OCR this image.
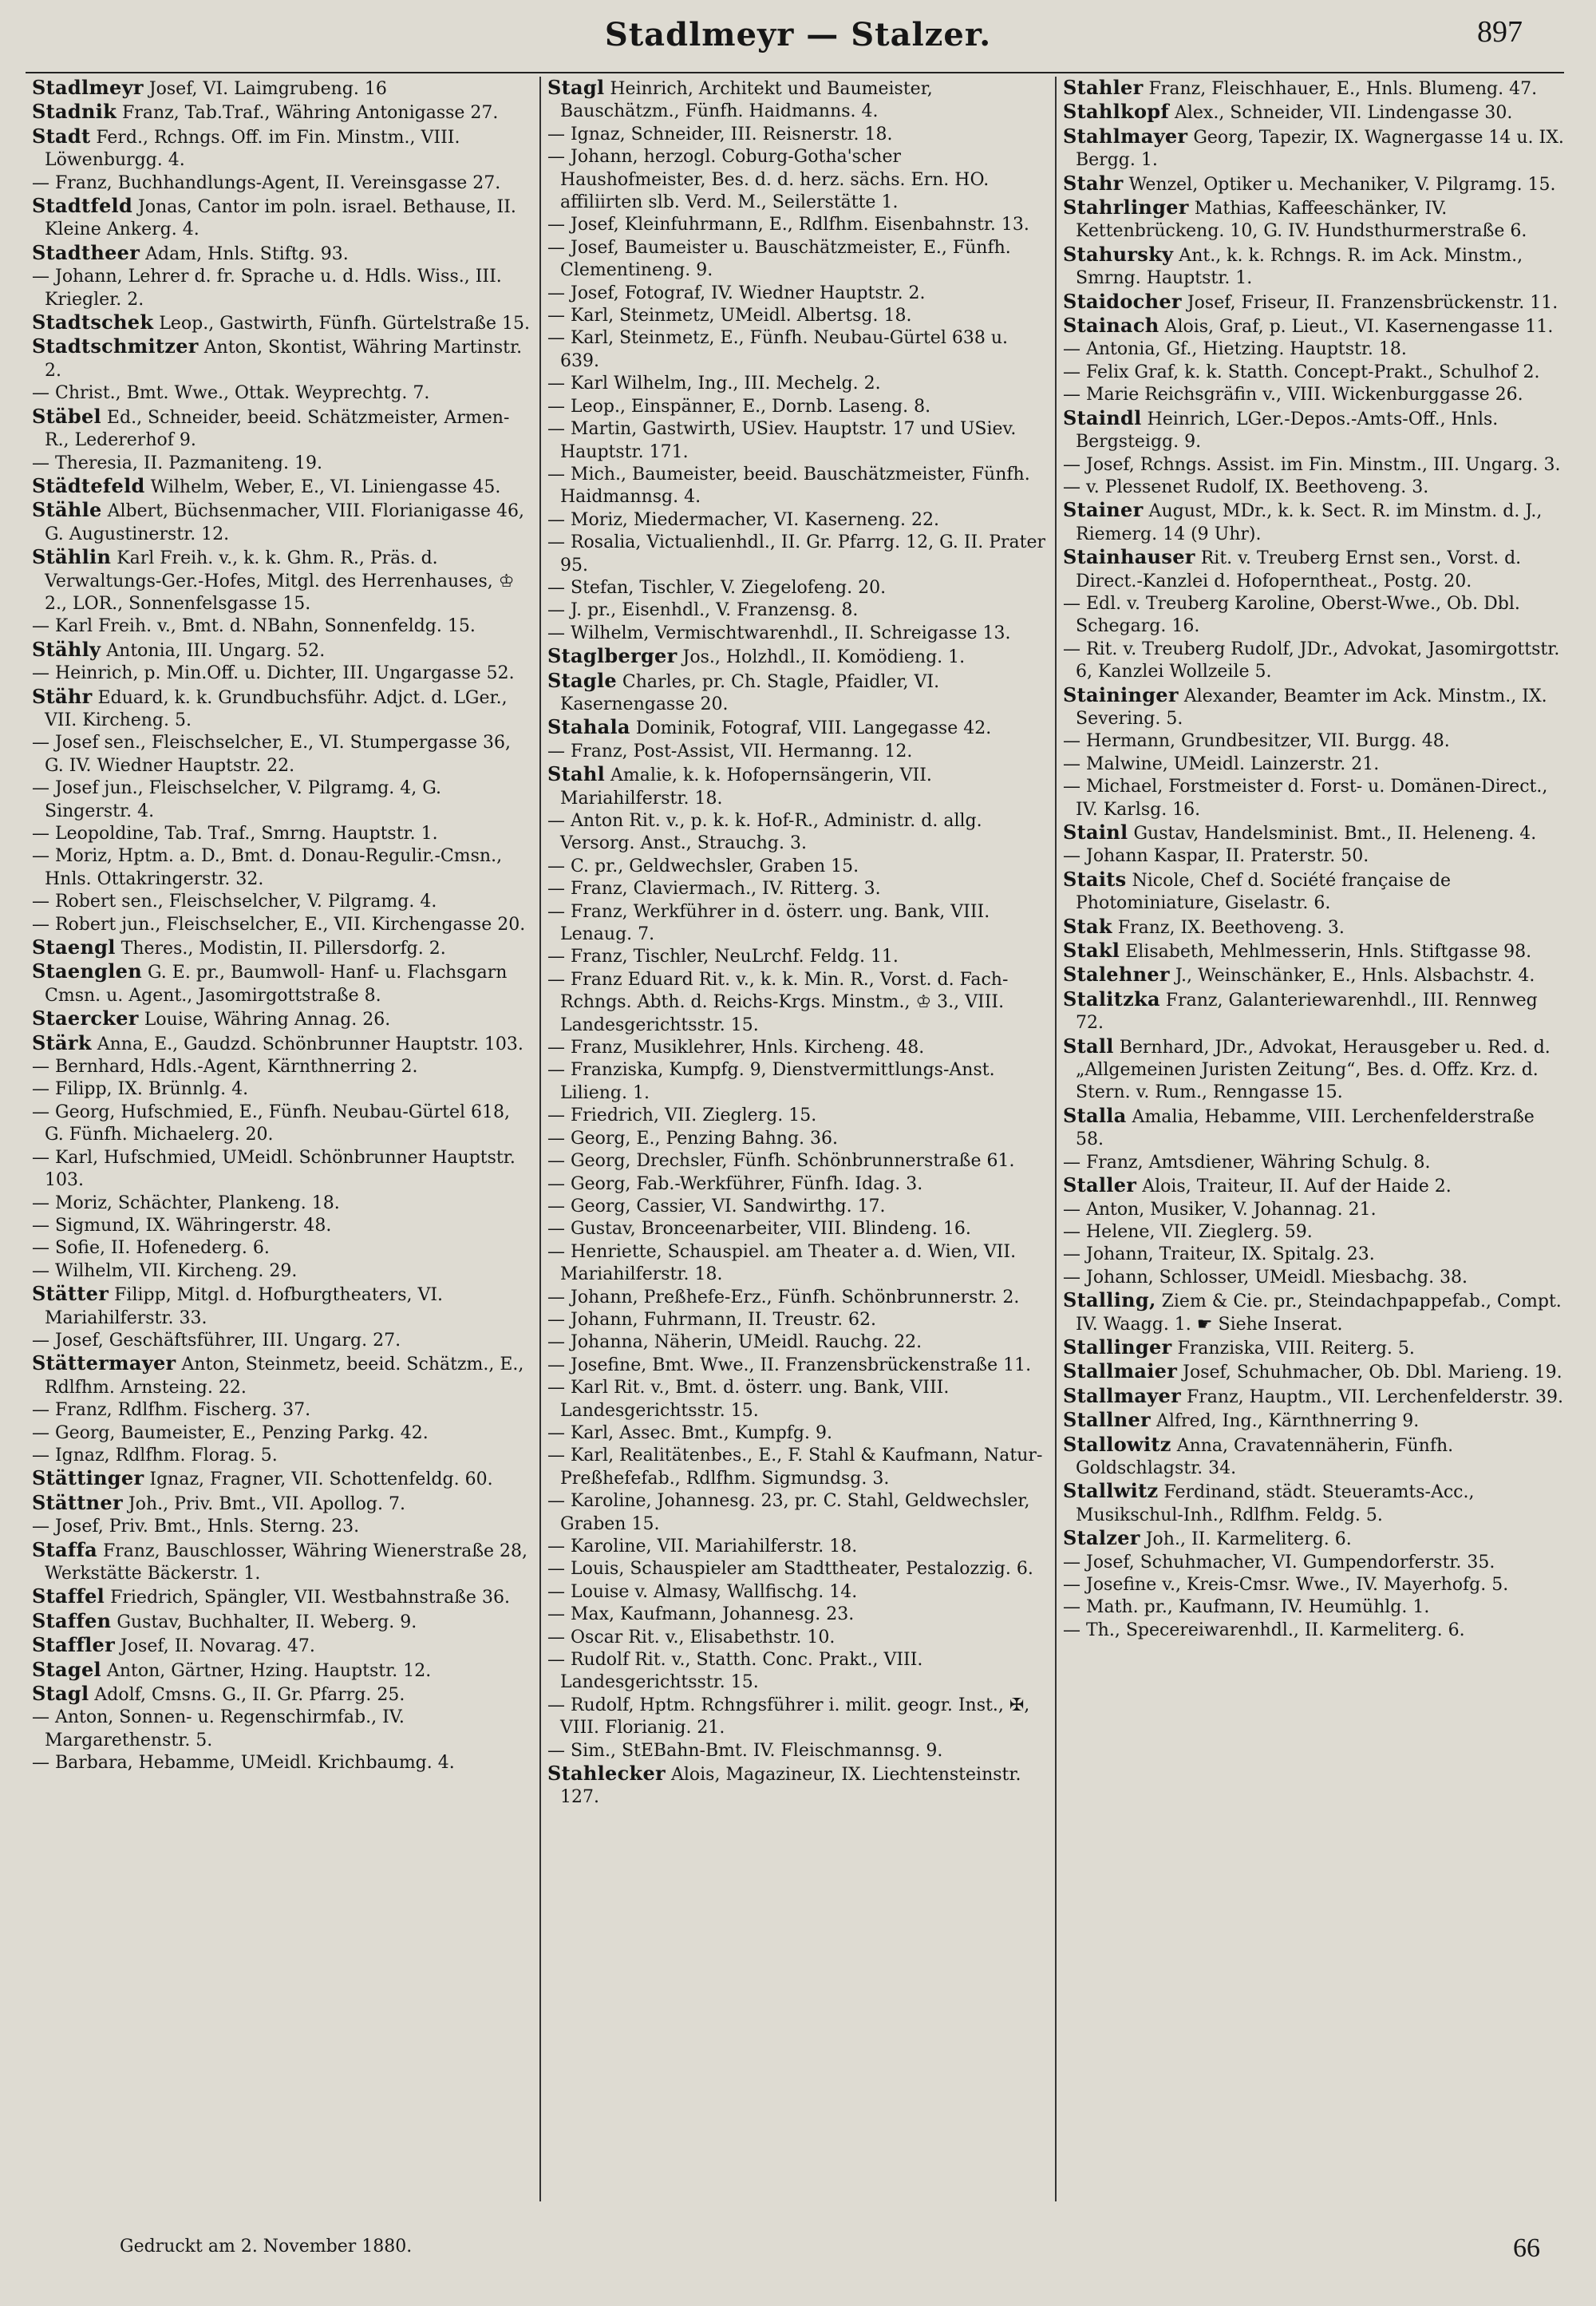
Stadlmeyr — Stalzer.	897
Stadlmeyr Josef, VI. Laimgrubeng. 16
Stadnik Franz, Tab.Traf., Währing Antonigasse 27.
Stadt Ferd., Rchngs. Off. im Fin. Minstm., VIII. Löwenburgg. 4.
— Franz, Buchhandlungs-Agent, II. Vereinsgasse 27.
Stadtfeld Jonas, Cantor im poln. israel. Bethause, II. Kleine Ankerg. 4.
Stadtheer Adam, Hnls. Stiftg. 93.
— Johann, Lehrer d. fr. Sprache u. d. Hdls. Wiss., III. Kriegler. 2.
Stadtschek Leop., Gastwirth, Fünfh. Gürtelstraße 15.
Stadtschmitzer Anton, Skontist, Währing Martinstr. 2.
— Christ., Bmt. Wwe., Ottak. Weyprechtg. 7.
Stäbel Ed., Schneider, beeid. Schätzmeister, Armen-R., Ledererhof 9.
— Theresia, II. Pazmaniteng. 19.
Städtefeld Wilhelm, Weber, E., VI. Liniengasse 45.
Stähle Albert, Büchsenmacher, VIII. Florianigasse 46, G. Augustinerstr. 12.
Stählin Karl Freih. v., k. k. Ghm. R., Präs. d. Verwaltungs-Ger.-Hofes, Mitgl. des Herrenhauses, ♔ 2., LOR., Sonnenfelsgasse 15.
— Karl Freih. v., Bmt. d. NBahn, Sonnenfeldg. 15.
Stähly Antonia, III. Ungarg. 52.
— Heinrich, p. Min.Off. u. Dichter, III. Ungargasse 52.
Stähr Eduard, k. k. Grundbuchsführ. Adjct. d. LGer., VII. Kircheng. 5.
— Josef sen., Fleischselcher, E., VI. Stumpergasse 36, G. IV. Wiedner Hauptstr. 22.
— Josef jun., Fleischselcher, V. Pilgramg. 4, G. Singerstr. 4.
— Leopoldine, Tab. Traf., Smrng. Hauptstr. 1.
— Moriz, Hptm. a. D., Bmt. d. Donau-Regulir.-Cmsn., Hnls. Ottakringerstr. 32.
— Robert sen., Fleischselcher, V. Pilgramg. 4.
— Robert jun., Fleischselcher, E., VII. Kirchengasse 20.
Staengl Theres., Modistin, II. Pillersdorfg. 2.
Staenglen G. E. pr., Baumwoll- Hanf- u. Flachsgarn Cmsn. u. Agent., Jasomirgottstraße 8.
Staercker Louise, Währing Annag. 26.
Stärk Anna, E., Gaudzd. Schönbrunner Hauptstr. 103.
— Bernhard, Hdls.-Agent, Kärnthnerring 2.
— Filipp, IX. Brünnlg. 4.
— Georg, Hufschmied, E., Fünfh. Neubau-Gürtel 618, G. Fünfh. Michaelerg. 20.
— Karl, Hufschmied, UMeidl. Schönbrunner Hauptstr. 103.
— Moriz, Schächter, Plankeng. 18.
— Sigmund, IX. Währingerstr. 48.
— Sofie, II. Hofenederg. 6.
— Wilhelm, VII. Kircheng. 29.
Stätter Filipp, Mitgl. d. Hofburgtheaters, VI. Mariahilferstr. 33.
— Josef, Geschäftsführer, III. Ungarg. 27.
Stättermayer Anton, Steinmetz, beeid. Schätzm., E., Rdlfhm. Arnsteing. 22.
— Franz, Rdlfhm. Fischerg. 37.
— Georg, Baumeister, E., Penzing Parkg. 42.
— Ignaz, Rdlfhm. Florag. 5.
Stättinger Ignaz, Fragner, VII. Schottenfeldg. 60.
Stättner Joh., Priv. Bmt., VII. Apollog. 7.
— Josef, Priv. Bmt., Hnls. Sterng. 23.
Staffa Franz, Bauschlosser, Währing Wienerstraße 28, Werkstätte Bäckerstr. 1.
Staffel Friedrich, Spängler, VII. Westbahnstraße 36.
Staffen Gustav, Buchhalter, II. Weberg. 9.
Staffler Josef, II. Novarag. 47.
Stagel Anton, Gärtner, Hzing. Hauptstr. 12.
Stagl Adolf, Cmsns. G., II. Gr. Pfarrg. 25.
— Anton, Sonnen- u. Regenschirmfab., IV. Margarethenstr. 5.
— Barbara, Hebamme, UMeidl. Krichbaumg. 4.
Stagl Heinrich, Architekt und Baumeister, Bauschätzm., Fünfh. Haidmanns. 4.
— Ignaz, Schneider, III. Reisnerstr. 18.
— Johann, herzogl. Coburg-Gotha'scher Haushofmeister, Bes. d. d. herz. sächs. Ern. HO. affiliirten slb. Verd. M., Seilerstätte 1.
— Josef, Kleinfuhrmann, E., Rdlfhm. Eisenbahnstr. 13.
— Josef, Baumeister u. Bauschätzmeister, E., Fünfh. Clementineng. 9.
— Josef, Fotograf, IV. Wiedner Hauptstr. 2.
— Karl, Steinmetz, UMeidl. Albertsg. 18.
— Karl, Steinmetz, E., Fünfh. Neubau-Gürtel 638 u. 639.
— Karl Wilhelm, Ing., III. Mechelg. 2.
— Leop., Einspänner, E., Dornb. Laseng. 8.
— Martin, Gastwirth, USiev. Hauptstr. 17 und USiev. Hauptstr. 171.
— Mich., Baumeister, beeid. Bauschätzmeister, Fünfh. Haidmannsg. 4.
— Moriz, Miedermacher, VI. Kaserneng. 22.
— Rosalia, Victualienhdl., II. Gr. Pfarrg. 12, G. II. Prater 95.
— Stefan, Tischler, V. Ziegelofeng. 20.
— J. pr., Eisenhdl., V. Franzensg. 8.
— Wilhelm, Vermischtwarenhdl., II. Schreigasse 13.
Staglberger Jos., Holzhdl., II. Komödieng. 1.
Stagle Charles, pr. Ch. Stagle, Pfaidler, VI. Kasernengasse 20.
Stahala Dominik, Fotograf, VIII. Langegasse 42.
— Franz, Post-Assist, VII. Hermanng. 12.
Stahl Amalie, k. k. Hofopernsängerin, VII. Mariahilferstr. 18.
— Anton Rit. v., p. k. k. Hof-R., Administr. d. allg. Versorg. Anst., Strauchg. 3.
— C. pr., Geldwechsler, Graben 15.
— Franz, Claviermach., IV. Ritterg. 3.
— Franz, Werkführer in d. österr. ung. Bank, VIII. Lenaug. 7.
— Franz, Tischler, NeuLrchf. Feldg. 11.
— Franz Eduard Rit. v., k. k. Min. R., Vorst. d. Fach-Rchngs. Abth. d. Reichs-Krgs. Minstm., ♔ 3., VIII. Landesgerichtsstr. 15.
— Franz, Musiklehrer, Hnls. Kircheng. 48.
— Franziska, Kumpfg. 9, Dienstvermittlungs-Anst. Lilieng. 1.
— Friedrich, VII. Zieglerg. 15.
— Georg, E., Penzing Bahng. 36.
— Georg, Drechsler, Fünfh. Schönbrunnerstraße 61.
— Georg, Fab.-Werkführer, Fünfh. Idag. 3.
— Georg, Cassier, VI. Sandwirthg. 17.
— Gustav, Bronceenarbeiter, VIII. Blindeng. 16.
— Henriette, Schauspiel. am Theater a. d. Wien, VII. Mariahilferstr. 18.
— Johann, Preßhefe-Erz., Fünfh. Schönbrunnerstr. 2.
— Johann, Fuhrmann, II. Treustr. 62.
— Johanna, Näherin, UMeidl. Rauchg. 22.
— Josefine, Bmt. Wwe., II. Franzensbrückenstraße 11.
— Karl Rit. v., Bmt. d. österr. ung. Bank, VIII. Landesgerichtsstr. 15.
— Karl, Assec. Bmt., Kumpfg. 9.
— Karl, Realitätenbes., E., F. Stahl & Kaufmann, Natur-Preßhefefab., Rdlfhm. Sigmundsg. 3.
— Karoline, Johannesg. 23, pr. C. Stahl, Geldwechsler, Graben 15.
— Karoline, VII. Mariahilferstr. 18.
— Louis, Schauspieler am Stadttheater, Pestalozzig. 6.
— Louise v. Almasy, Wallfischg. 14.
— Max, Kaufmann, Johannesg. 23.
— Oscar Rit. v., Elisabethstr. 10.
— Rudolf Rit. v., Statth. Conc. Prakt., VIII. Landesgerichtsstr. 15.
— Rudolf, Hptm. Rchngsführer i. milit. geogr. Inst., ✠, VIII. Florianig. 21.
— Sim., StEBahn-Bmt. IV. Fleischmannsg. 9.
Stahlecker Alois, Magazineur, IX. Liechtensteinstr. 127.
Stahler Franz, Fleischhauer, E., Hnls. Blumeng. 47.
Stahlkopf Alex., Schneider, VII. Lindengasse 30.
Stahlmayer Georg, Tapezir, IX. Wagnergasse 14 u. IX. Bergg. 1.
Stahr Wenzel, Optiker u. Mechaniker, V. Pilgramg. 15.
Stahrlinger Mathias, Kaffeeschänker, IV. Kettenbrückeng. 10, G. IV. Hundsthurmerstraße 6.
Stahursky Ant., k. k. Rchngs. R. im Ack. Minstm., Smrng. Hauptstr. 1.
Staidocher Josef, Friseur, II. Franzensbrückenstr. 11.
Stainach Alois, Graf, p. Lieut., VI. Kasernengasse 11.
— Antonia, Gf., Hietzing. Hauptstr. 18.
— Felix Graf, k. k. Statth. Concept-Prakt., Schulhof 2.
— Marie Reichsgräfin v., VIII. Wickenburggasse 26.
Staindl Heinrich, LGer.-Depos.-Amts-Off., Hnls. Bergsteigg. 9.
— Josef, Rchngs. Assist. im Fin. Minstm., III. Ungarg. 3.
— v. Plessenet Rudolf, IX. Beethoveng. 3.
Stainer August, MDr., k. k. Sect. R. im Minstm. d. J., Riemerg. 14 (9 Uhr).
Stainhauser Rit. v. Treuberg Ernst sen., Vorst. d. Direct.-Kanzlei d. Hofoperntheat., Postg. 20.
— Edl. v. Treuberg Karoline, Oberst-Wwe., Ob. Dbl. Schegarg. 16.
— Rit. v. Treuberg Rudolf, JDr., Advokat, Jasomirgottstr. 6, Kanzlei Wollzeile 5.
Staininger Alexander, Beamter im Ack. Minstm., IX. Severing. 5.
— Hermann, Grundbesitzer, VII. Burgg. 48.
— Malwine, UMeidl. Lainzerstr. 21.
— Michael, Forstmeister d. Forst- u. Domänen-Direct., IV. Karlsg. 16.
Stainl Gustav, Handelsminist. Bmt., II. Heleneng. 4.
— Johann Kaspar, II. Praterstr. 50.
Staits Nicole, Chef d. Société française de Photominiature, Giselastr. 6.
Stak Franz, IX. Beethoveng. 3.
Stakl Elisabeth, Mehlmesserin, Hnls. Stiftgasse 98.
Stalehner J., Weinschänker, E., Hnls. Alsbachstr. 4.
Stalitzka Franz, Galanteriewarenhdl., III. Rennweg 72.
Stall Bernhard, JDr., Advokat, Herausgeber u. Red. d. „Allgemeinen Juristen Zeitung“, Bes. d. Offz. Krz. d. Stern. v. Rum., Renngasse 15.
Stalla Amalia, Hebamme, VIII. Lerchenfelderstraße 58.
— Franz, Amtsdiener, Währing Schulg. 8.
Staller Alois, Traiteur, II. Auf der Haide 2.
— Anton, Musiker, V. Johannag. 21.
— Helene, VII. Zieglerg. 59.
— Johann, Traiteur, IX. Spitalg. 23.
— Johann, Schlosser, UMeidl. Miesbachg. 38.
Stalling, Ziem & Cie. pr., Steindachpappefab., Compt. IV. Waagg. 1. ☛ Siehe Inserat.
Stallinger Franziska, VIII. Reiterg. 5.
Stallmaier Josef, Schuhmacher, Ob. Dbl. Marieng. 19.
Stallmayer Franz, Hauptm., VII. Lerchenfelderstr. 39.
Stallner Alfred, Ing., Kärnthnerring 9.
Stallowitz Anna, Cravatennäherin, Fünfh. Goldschlagstr. 34.
Stallwitz Ferdinand, städt. Steueramts-Acc., Musikschul-Inh., Rdlfhm. Feldg. 5.
Stalzer Joh., II. Karmeliterg. 6.
— Josef, Schuhmacher, VI. Gumpendorferstr. 35.
— Josefine v., Kreis-Cmsr. Wwe., IV. Mayerhofg. 5.
— Math. pr., Kaufmann, IV. Heumühlg. 1.
— Th., Specereiwarenhdl., II. Karmeliterg. 6.
Gedruckt am 2. November 1880.	66
